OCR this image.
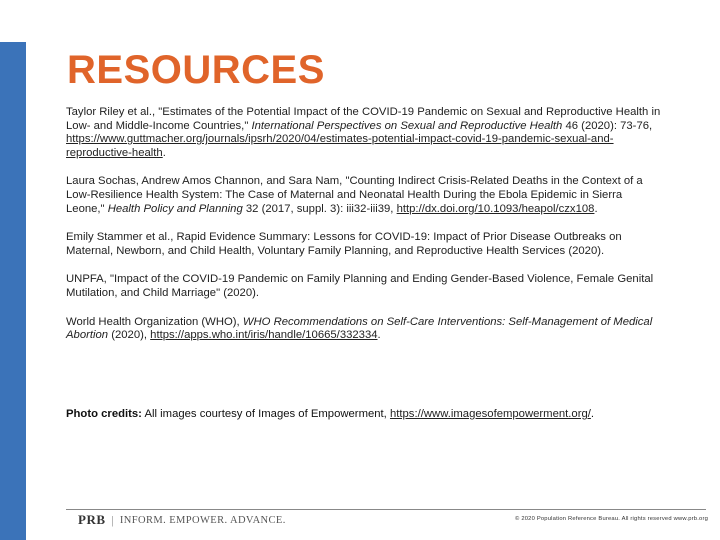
RESOURCES

Taylor Riley et al., "Estimates of the Potential Impact of the COVID-19 Pandemic on Sexual and Reproductive Health in Low- and Middle-Income Countries," International Perspectives on Sexual and Reproductive Health 46 (2020): 73-76, https://www.guttmacher.org/journals/ipsrh/2020/04/estimates-potential-impact-covid-19-pandemic-sexual-and-reproductive-health.

Laura Sochas, Andrew Amos Channon, and Sara Nam, "Counting Indirect Crisis-Related Deaths in the Context of a Low-Resilience Health System: The Case of Maternal and Neonatal Health During the Ebola Epidemic in Sierra Leone," Health Policy and Planning 32 (2017, suppl. 3): iii32-iii39, http://dx.doi.org/10.1093/heapol/czx108.

Emily Stammer et al., Rapid Evidence Summary: Lessons for COVID-19: Impact of Prior Disease Outbreaks on Maternal, Newborn, and Child Health, Voluntary Family Planning, and Reproductive Health Services (2020).

UNPFA, "Impact of the COVID-19 Pandemic on Family Planning and Ending Gender-Based Violence, Female Genital Mutilation, and Child Marriage" (2020).

World Health Organization (WHO), WHO Recommendations on Self-Care Interventions: Self-Management of Medical Abortion (2020), https://apps.who.int/iris/handle/10665/332334.

Photo credits: All images courtesy of Images of Empowerment, https://www.imagesofempowerment.org/.
PRB | INFORM. EMPOWER. ADVANCE.	© 2020 Population Reference Bureau. All rights reserved www.prb.org
